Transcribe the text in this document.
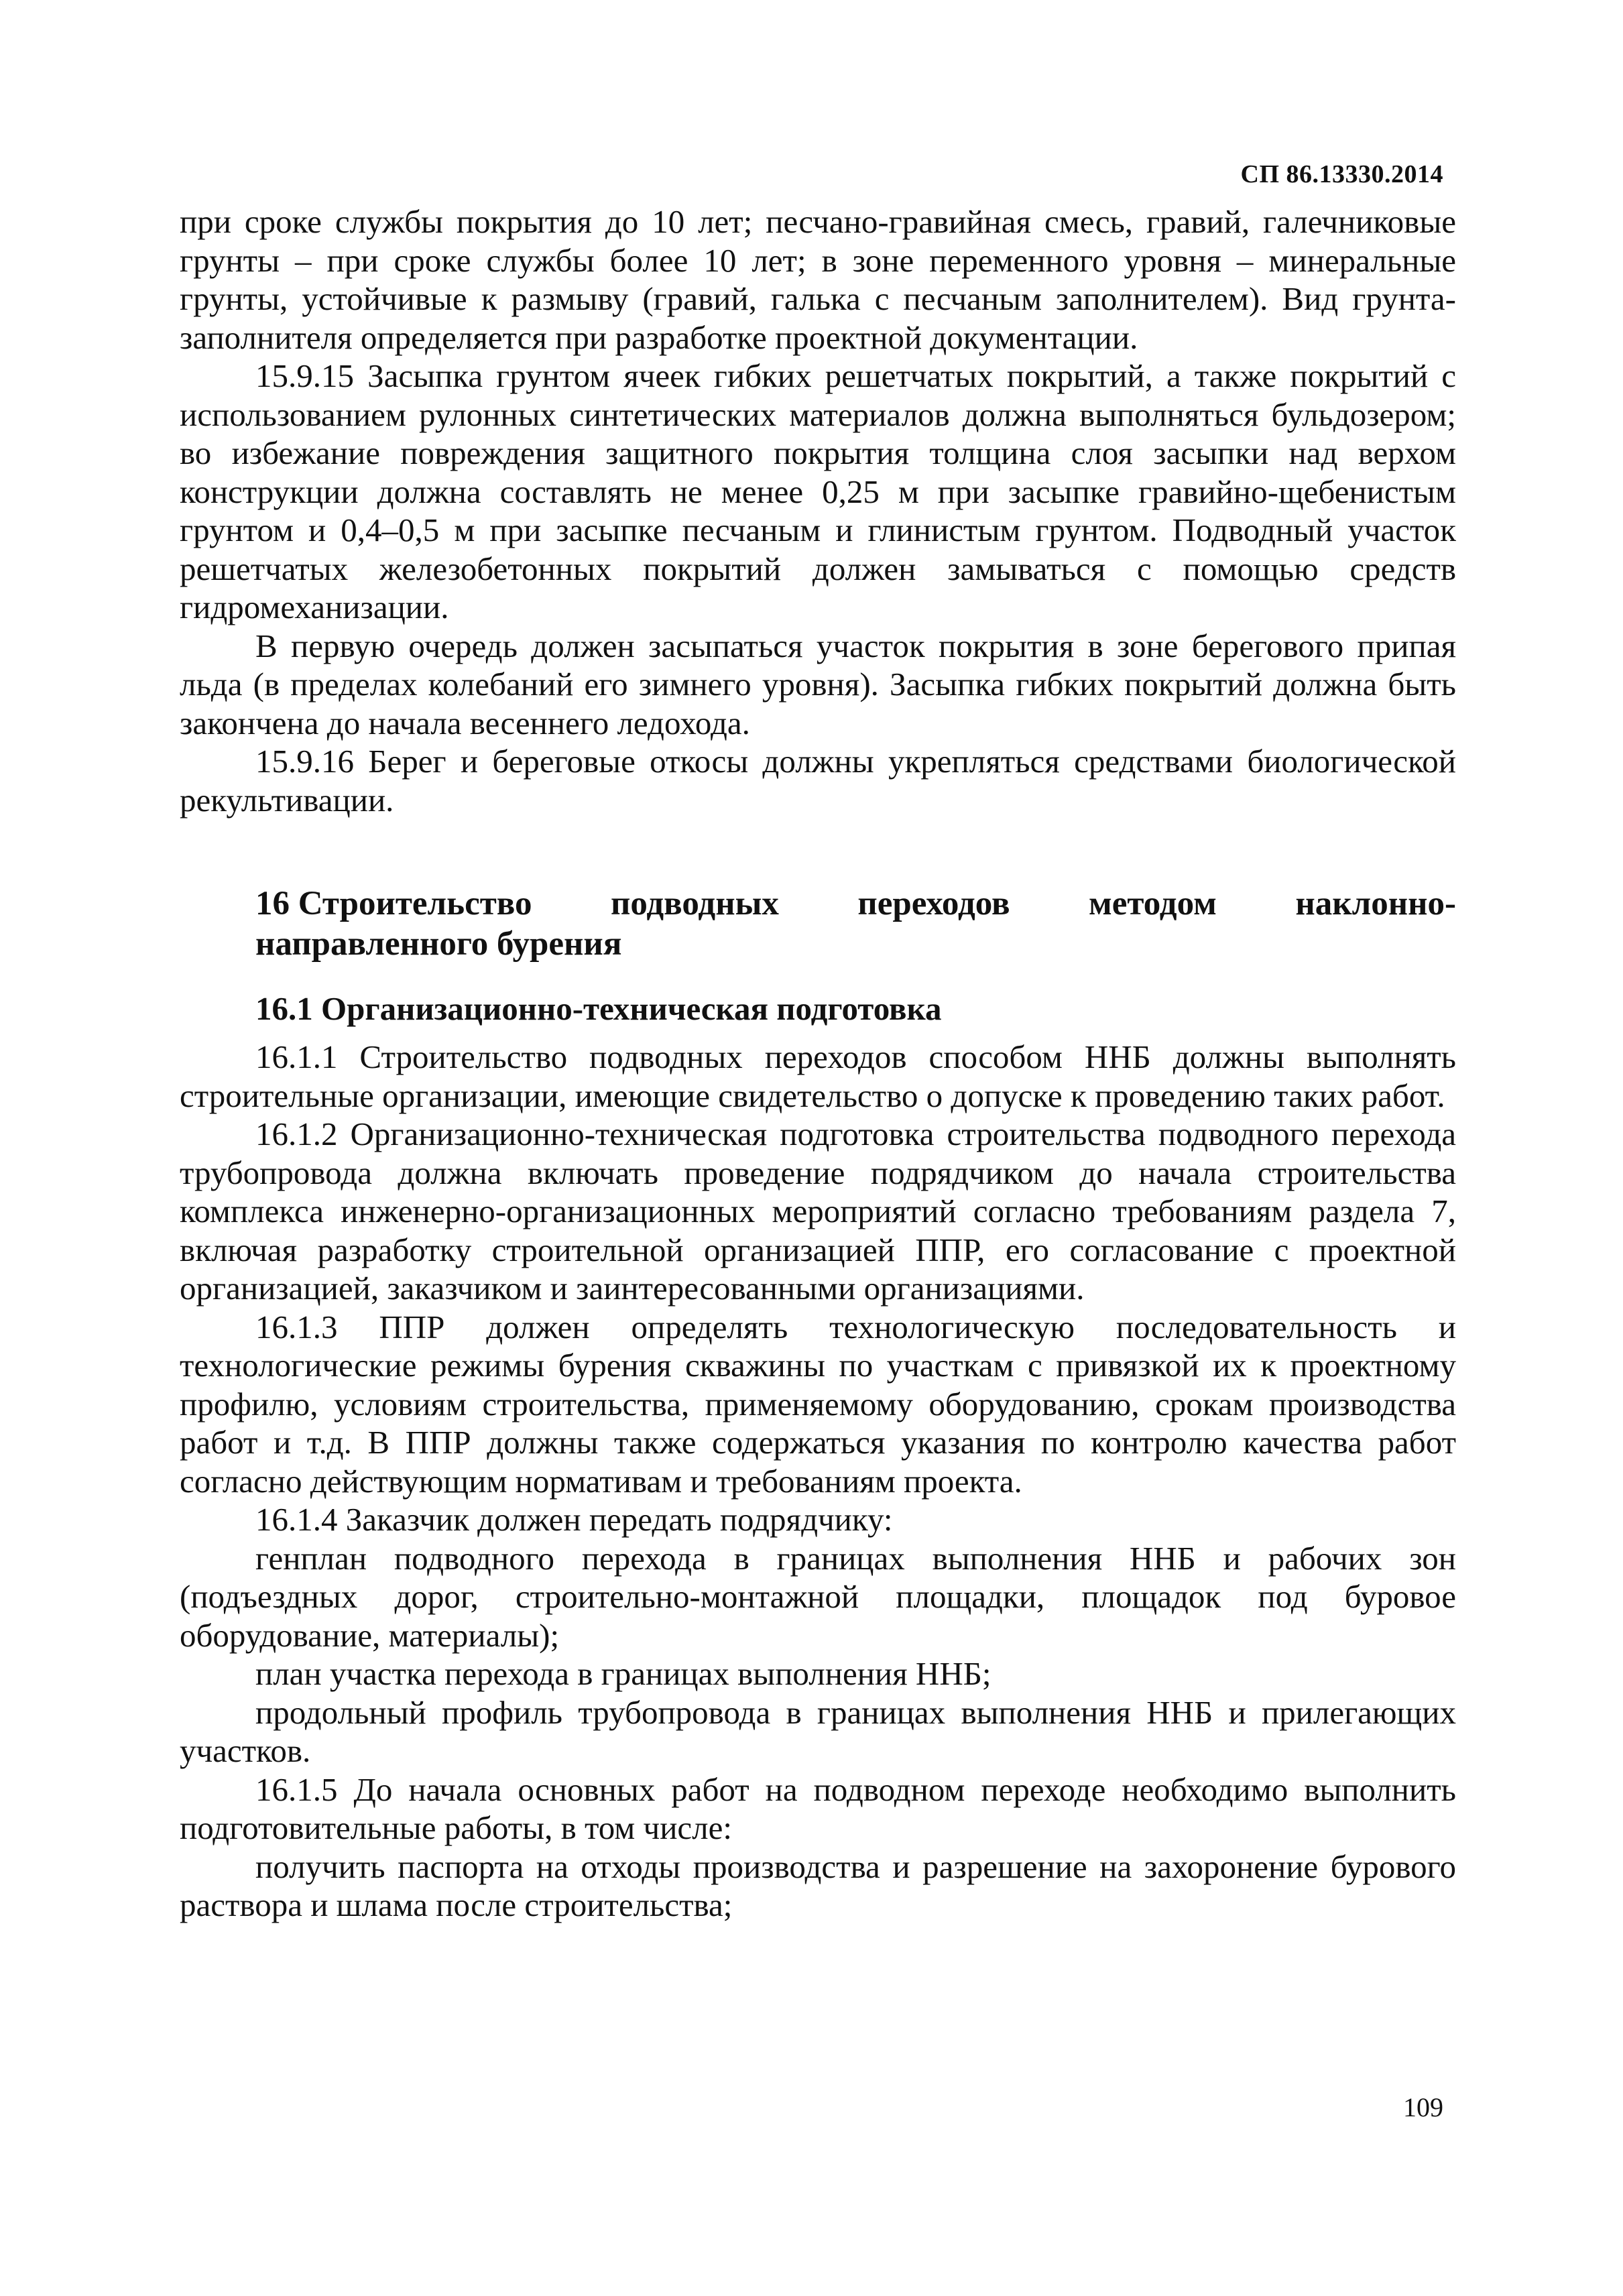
СП 86.13330.2014

при сроке службы покрытия до 10 лет; песчано-гравийная смесь, гравий, галечниковые грунты – при сроке службы более 10 лет; в зоне переменного уровня – минеральные грунты, устойчивые к размыву (гравий, галька с песчаным заполнителем). Вид грунта-заполнителя определяется при разработке проектной документации.

15.9.15 Засыпка грунтом ячеек гибких решетчатых покрытий, а также покрытий с использованием рулонных синтетических материалов должна выполняться бульдозером; во избежание повреждения защитного покрытия толщина слоя засыпки над верхом конструкции должна составлять не менее 0,25 м при засыпке гравийно-щебенистым грунтом и 0,4–0,5 м при засыпке песчаным и глинистым грунтом. Подводный участок решетчатых железобетонных покрытий должен замываться с помощью средств гидромеханизации.

В первую очередь должен засыпаться участок покрытия в зоне берегового припая льда (в пределах колебаний его зимнего уровня). Засыпка гибких покрытий должна быть закончена до начала весеннего ледохода.

15.9.16 Берег и береговые откосы должны укрепляться средствами биологической рекультивации.

16 Строительство подводных переходов методом наклонно-
направленного бурения
16.1 Организационно-техническая подготовка

16.1.1 Строительство подводных переходов способом ННБ должны выполнять строительные организации, имеющие свидетельство о допуске к проведению таких работ.

16.1.2 Организационно-техническая подготовка строительства подводного перехода трубопровода должна включать проведение подрядчиком до начала строительства комплекса инженерно-организационных мероприятий согласно требованиям раздела 7, включая разработку строительной организацией ППР, его согласование с проектной организацией, заказчиком и заинтересованными организациями.

16.1.3 ППР должен определять технологическую последовательность и технологические режимы бурения скважины по участкам с привязкой их к проектному профилю, условиям строительства, применяемому оборудованию, срокам производства работ и т.д. В ППР должны также содержаться указания по контролю качества работ согласно действующим нормативам и требованиям проекта.

16.1.4 Заказчик должен передать подрядчику:

генплан подводного перехода в границах выполнения ННБ и рабочих зон (подъездных дорог, строительно-монтажной площадки, площадок под буровое оборудование, материалы);

план участка перехода в границах выполнения ННБ;

продольный профиль трубопровода в границах выполнения ННБ и прилегающих участков.

16.1.5 До начала основных работ на подводном переходе необходимо выполнить подготовительные работы, в том числе:

получить паспорта на отходы производства и разрешение на захоронение бурового раствора и шлама после строительства;

109
